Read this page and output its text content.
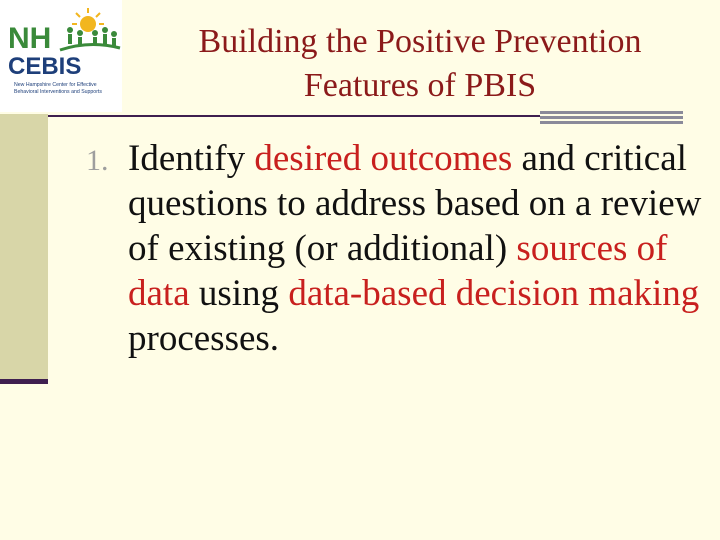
NH
CEBIS
New Hampshire Center for Effective
Behavioral Interventions and Supports
Building the Positive Prevention
Features of PBIS
1. Identify desired outcomes and critical questions to address based on a review of existing (or additional) sources of data using data-based decision making processes.
